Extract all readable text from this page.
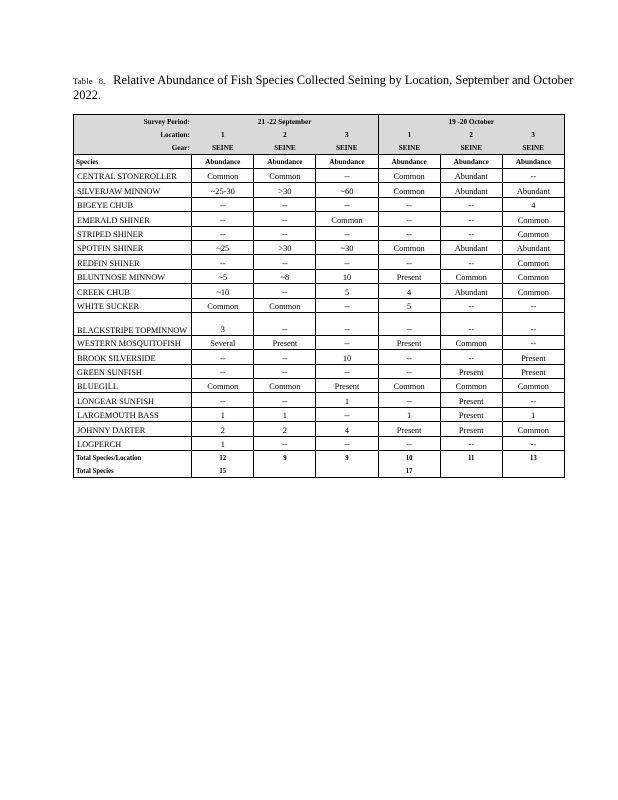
Table 8. Relative Abundance of Fish Species Collected Seining by Location, September and October 2022.
Survey Period:	21 -22 September			19 -20 October		
Location:	1	2	3	1	2	3
Gear:	SEINE	SEINE	SEINE	SEINE	SEINE	SEINE
Species	Abundance	Abundance	Abundance	Abundance	Abundance	Abundance
CENTRAL STONEROLLER	Common	Common	--	Common	Abundant	--
SILVERJAW MINNOW	~25-30	>30	~60	Common	Abundant	Abundant
BIGEYE CHUB	--	--	--	--	--	4
EMERALD SHINER	--	--	Common	--	--	Common
STRIPED SHINER	--	--	--	--	--	Common
SPOTFIN SHINER	~25	>30	~30	Common	Abundant	Abundant
REDFIN SHINER	--	--	--	--	--	Common
BLUNTNOSE MINNOW	~5	~8	10	Present	Common	Common
CREEK CHUB	~10	--	5	4	Abundant	Common
WHITE SUCKER	Common	Common	--	5	--	--
BLACKSTRIPE TOPMINNOW	3	--	--	--	--	--
WESTERN MOSQUITOFISH	Several	Present	--	Present	Common	--
BROOK SILVERSIDE	--	--	10	--	--	Present
GREEN SUNFISH	--	--	--	--	Present	Present
BLUEGILL	Common	Common	Present	Common	Common	Common
LONGEAR SUNFISH	--	--	1	--	Present	--
LARGEMOUTH BASS	1	1	--	1	Present	1
JOHNNY DARTER	2	2	4	Present	Present	Common
LOGPERCH	1	--	--	--	--	--
Total Species/Location	12	9	9	10	11	13
Total Species	15			17		
